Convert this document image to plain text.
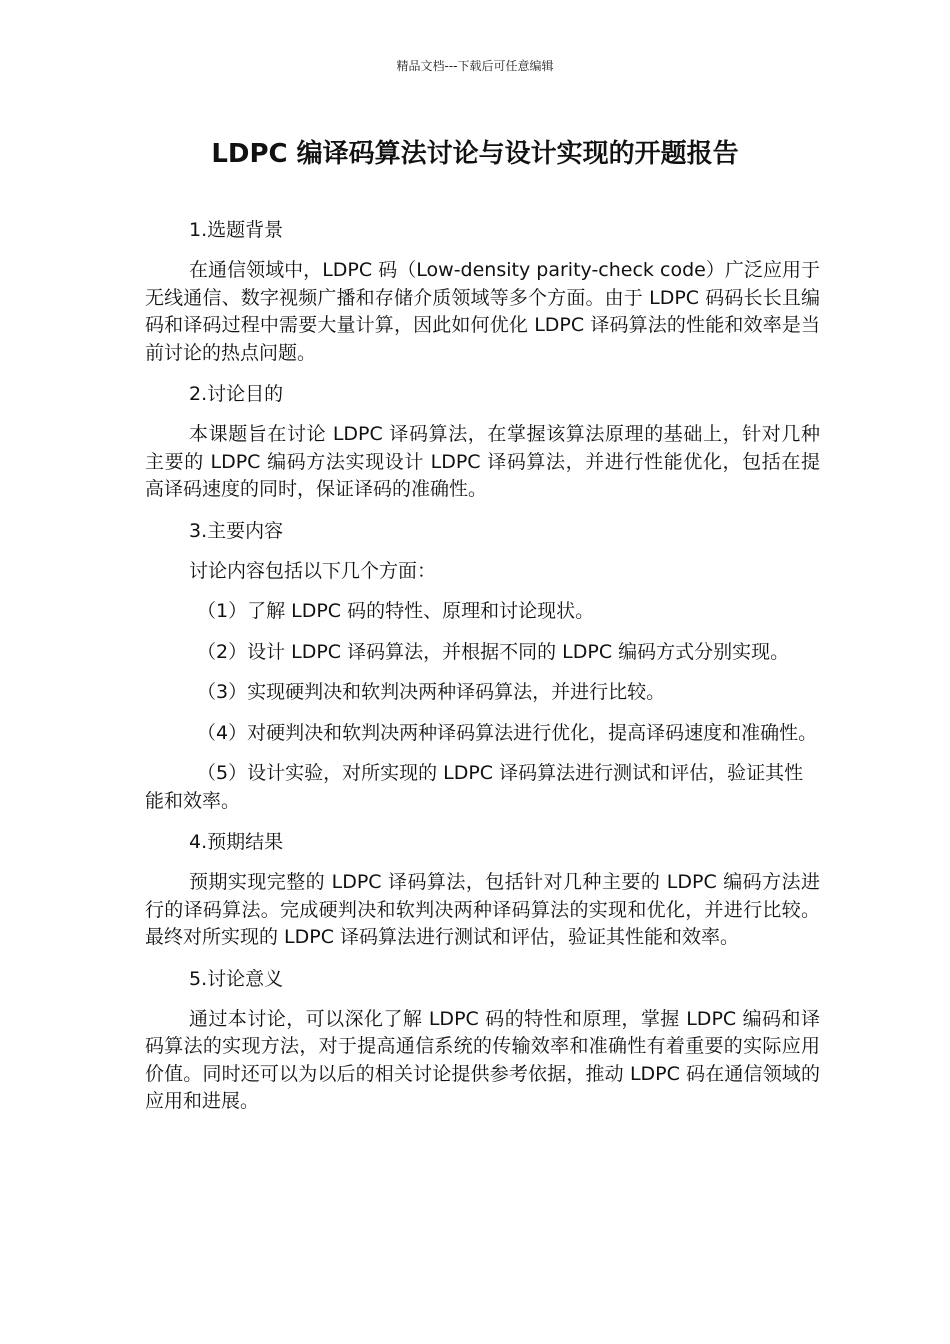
精品文档---下载后可任意编辑
LDPC 编译码算法讨论与设计实现的开题报告

1.选题背景

在通信领域中，LDPC 码（Low-density parity-check code）广泛应用于无线通信、数字视频广播和存储介质领域等多个方面。由于 LDPC 码码长长且编码和译码过程中需要大量计算，因此如何优化 LDPC 译码算法的性能和效率是当前讨论的热点问题。

2.讨论目的

本课题旨在讨论 LDPC 译码算法，在掌握该算法原理的基础上，针对几种主要的 LDPC 编码方法实现设计 LDPC 译码算法，并进行性能优化，包括在提高译码速度的同时，保证译码的准确性。

3.主要内容

讨论内容包括以下几个方面：

（1）了解 LDPC 码的特性、原理和讨论现状。

（2）设计 LDPC 译码算法，并根据不同的 LDPC 编码方式分别实现。

（3）实现硬判决和软判决两种译码算法，并进行比较。

（4）对硬判决和软判决两种译码算法进行优化，提高译码速度和准确性。

（5）设计实验，对所实现的 LDPC 译码算法进行测试和评估，验证其性能和效率。

4.预期结果

预期实现完整的 LDPC 译码算法，包括针对几种主要的 LDPC 编码方法进行的译码算法。完成硬判决和软判决两种译码算法的实现和优化，并进行比较。最终对所实现的 LDPC 译码算法进行测试和评估，验证其性能和效率。

5.讨论意义

通过本讨论，可以深化了解 LDPC 码的特性和原理，掌握 LDPC 编码和译码算法的实现方法，对于提高通信系统的传输效率和准确性有着重要的实际应用价值。同时还可以为以后的相关讨论提供参考依据，推动 LDPC 码在通信领域的应用和进展。
